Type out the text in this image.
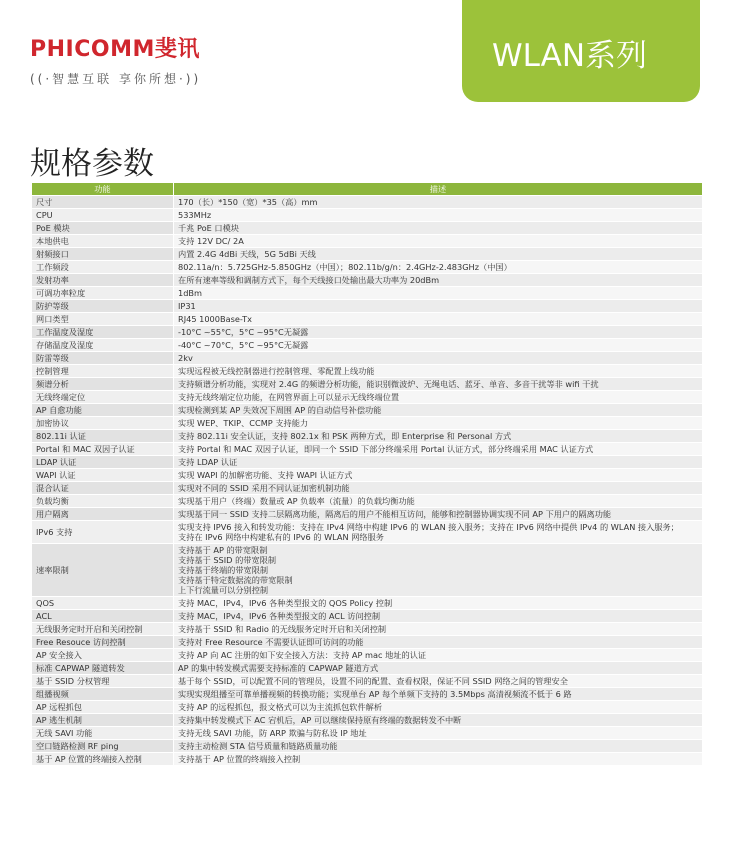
PHICOMM斐讯
((·智慧互联 享你所想·))
WLAN系列
规格参数
功能	描述
尺寸	170（长）*150（宽）*35（高）mm
CPU	533MHz
PoE 模块	千兆 PoE 口模块
本地供电	支持 12V DC/ 2A
射频接口	内置 2.4G 4dBi 天线，5G 5dBi 天线
工作频段	802.11a/n：5.725GHz-5.850GHz（中国）；802.11b/g/n：2.4GHz-2.483GHz（中国）
发射功率	在所有速率等级和调制方式下，每个天线接口处输出最大功率为 20dBm
可调功率粒度	1dBm
防护等级	IP31
网口类型	RJ45 1000Base-Tx
工作温度及湿度	-10°C ~55°C，5°C ~95°C无凝露
存储温度及湿度	-40°C ~70°C，5°C ~95°C无凝露
防雷等级	2kv
控制管理	实现远程被无线控制器进行控制管理、零配置上线功能
频谱分析	支持频谱分析功能，实现对 2.4G 的频谱分析功能，能识别微波炉、无绳电话、蓝牙、单音、多音干扰等非 wifi 干扰
无线终端定位	支持无线终端定位功能，在网管界面上可以显示无线终端位置
AP 自愈功能	实现检测到某 AP 失效况下周围 AP 的自动信号补偿功能
加密协议	实现 WEP、TKIP、CCMP 支持能力
802.11i 认证	支持 802.11i 安全认证，支持 802.1x 和 PSK 两种方式，即 Enterprise 和 Personal 方式
Portal 和 MAC 双因子认证	支持 Portal 和 MAC 双因子认证，即同一个 SSID 下部分终端采用 Portal 认证方式，部分终端采用 MAC 认证方式
LDAP 认证	支持 LDAP 认证
WAPI 认证	实现 WAPI 的加解密功能、支持 WAPI 认证方式
混合认证	实现对不同的 SSID 采用不同认证加密机制功能
负载均衡	实现基于用户（终端）数量或 AP 负载率（流量）的负载均衡功能
用户隔离	实现基于同一 SSID 支持二层隔离功能，隔离后的用户不能相互访问，能够和控制器协调实现不同 AP 下用户的隔离功能
IPv6 支持	实现支持 IPV6 接入和转发功能：支持在 IPv4 网络中构建 IPv6 的 WLAN 接入服务；支持在 IPv6 网络中提供 IPv4 的 WLAN 接入服务；
支持在 IPv6 网络中构建私有的 IPv6 的 WLAN 网络服务
速率限制	支持基于 AP 的带宽限制
支持基于 SSID 的带宽限制
支持基于终端的带宽限制
支持基于特定数据流的带宽限制
上下行流量可以分别控制
QOS	支持 MAC，IPv4，IPv6 各种类型报文的 QOS Policy 控制
ACL	支持 MAC，IPv4，IPv6 各种类型报文的 ACL 访问控制
无线服务定时开启和关闭控制	支持基于 SSID 和 Radio 的无线服务定时开启和关闭控制
Free Resouce 访问控制	支持对 Free Resource 不需要认证即可访问的功能
AP 安全接入	支持 AP 向 AC 注册的如下安全接入方法：支持 AP mac 地址的认证
标准 CAPWAP 隧道转发	AP 的集中转发模式需要支持标准的 CAPWAP 隧道方式
基于 SSID 分权管理	基于每个 SSID，可以配置不同的管理员，设置不同的配置、查看权限，保证不同 SSID 网络之间的管理安全
组播视频	实现实现组播至可靠单播视频的转换功能；实现单台 AP 每个单频下支持的 3.5Mbps 高清视频流不低于 6 路
AP 远程抓包	支持 AP 的远程抓包，报文格式可以为主流抓包软件解析
AP 逃生机制	支持集中转发模式下 AC 宕机后，AP 可以继续保持原有终端的数据转发不中断
无线 SAVI 功能	支持无线 SAVI 功能，防 ARP 欺骗与防私设 IP 地址
空口链路检测 RF ping	支持主动检测 STA 信号质量和链路质量功能
基于 AP 位置的终端接入控制	支持基于 AP 位置的终端接入控制
